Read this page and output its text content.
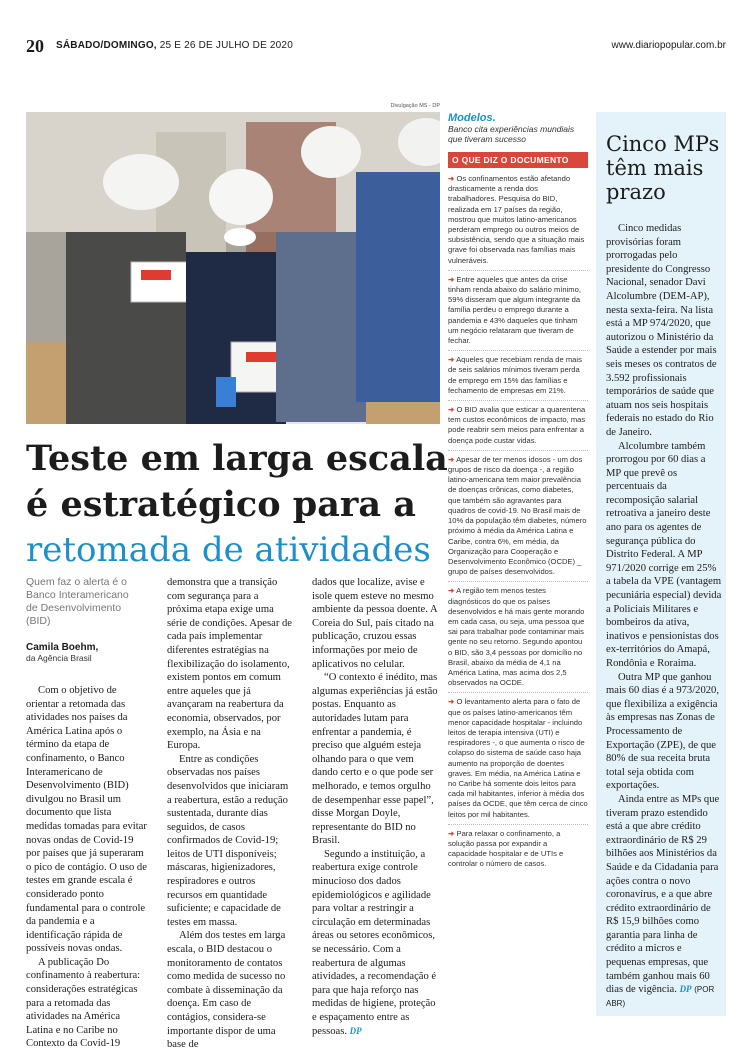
20 SÁBADO/DOMINGO, 25 E 26 DE JULHO DE 2020	www.diariopopular.com.br
Divulgação MS - DP
Teste em larga escala
é estratégico para a
retomada de atividades
Quem faz o alerta é o Banco Interamericano de Desenvolvimento (BID)
Camila Boehm,
da Agência Brasil

Com o objetivo de orientar a retomada das atividades nos países da América Latina após o término da etapa de confinamento, o Banco Interamericano de Desenvolvimento (BID) divulgou no Brasil um documento que lista medidas tomadas para evitar novas ondas de Covid-19 por países que já superaram o pico de contágio. O uso de testes em grande escala é considerado ponto fundamental para o controle da pandemia e a identificação rápida de possíveis novas ondas.

A publicação Do confinamento à reabertura: considerações estratégicas para a retomada das atividades na América Latina e no Caribe no Contexto da Covid-19

demonstra que a transição com segurança para a próxima etapa exige uma série de condições. Apesar de cada país implementar diferentes estratégias na flexibilização do isolamento, existem pontos em comum entre aqueles que já avançaram na reabertura da economia, observados, por exemplo, na Ásia e na Europa.

Entre as condições observadas nos países desenvolvidos que iniciaram a reabertura, estão a redução sustentada, durante dias seguidos, de casos confirmados de Covid-19; leitos de UTI disponíveis; máscaras, higienizadores, respiradores e outros recursos em quantidade suficiente; e capacidade de testes em massa.

Além dos testes em larga escala, o BID destacou o monitoramento de contatos como medida de sucesso no combate à disseminação da doença. Em caso de contágios, considera-se importante dispor de uma base de

dados que localize, avise e isole quem esteve no mesmo ambiente da pessoa doente. A Coreia do Sul, país citado na publicação, cruzou essas informações por meio de aplicativos no celular.

“O contexto é inédito, mas algumas experiências já estão postas. Enquanto as autoridades lutam para enfrentar a pandemia, é preciso que alguém esteja olhando para o que vem dando certo e o que pode ser melhorado, e temos orgulho de desempenhar esse papel”, disse Morgan Doyle, representante do BID no Brasil.

Segundo a instituição, a reabertura exige controle minucioso dos dados epidemiológicos e agilidade para voltar a restringir a circulação em determinadas áreas ou setores econômicos, se necessário. Com a reabertura de algumas atividades, a recomendação é para que haja reforço nas medidas de higiene, proteção e espaçamento entre as pessoas. DP

Modelos.
Banco cita experiências mundiais que tiveram sucesso
O QUE DIZ O DOCUMENTO
➜ Os confinamentos estão afetando drasticamente a renda dos trabalhadores. Pesquisa do BID, realizada em 17 países da região, mostrou que muitos latino-americanos perderam emprego ou outros meios de subsistência, sendo que a situação mais grave foi observada nas famílias mais vulneráveis.
➜ Entre aqueles que antes da crise tinham renda abaixo do salário mínimo, 59% disseram que algum integrante da família perdeu o emprego durante a pandemia e 43% daqueles que tinham um negócio relataram que tiveram de fechar.
➜ Aqueles que recebiam renda de mais de seis salários mínimos tiveram perda de emprego em 15% das famílias e fechamento de empresas em 21%.
➜ O BID avalia que esticar a quarentena tem custos econômicos de impacto, mas pode reabrir sem meios para enfrentar a doença pode custar vidas.
➜ Apesar de ter menos idosos - um dos grupos de risco da doença -, a região latino-americana tem maior prevalência de doenças crônicas, como diabetes, que também são agravantes para quadros de covid-19. No Brasil mais de 10% da população têm diabetes, número próximo à média da América Latina e Caribe, contra 6%, em média, da Organização para Cooperação e Desenvolvimento Econômico (OCDE) _ grupo de países desenvolvidos.
➜ A região tem menos testes diagnósticos do que os países desenvolvidos e há mais gente morando em cada casa, ou seja, uma pessoa que sai para trabalhar pode contaminar mais gente no seu retorno. Segundo apontou o BID, são 3,4 pessoas por domicílio no Brasil, abaixo da média de 4,1 na América Latina, mas acima dos 2,5 observados na OCDE.
➜ O levantamento alerta para o fato de que os países latino-americanos têm menor capacidade hospitalar - incluindo leitos de terapia intensiva (UTI) e respiradores -, o que aumenta o risco de colapso do sistema de saúde caso haja aumento na proporção de doentes graves. Em média, na América Latina e no Caribe há somente dois leitos para cada mil habitantes, inferior à média dos países da OCDE, que têm cerca de cinco leitos por mil habitantes.
➜ Para relaxar o confinamento, a solução passa por expandir a capacidade hospitalar e de UTIs e controlar o número de casos.
Cinco MPs têm mais prazo

Cinco medidas provisórias foram prorrogadas pelo presidente do Congresso Nacional, senador Davi Alcolumbre (DEM-AP), nesta sexta-feira. Na lista está a MP 974/2020, que autorizou o Ministério da Saúde a estender por mais seis meses os contratos de 3.592 profissionais temporários de saúde que atuam nos seis hospitais federais no estado do Rio de Janeiro.

Alcolumbre também prorrogou por 60 dias a MP que prevê os percentuais da recomposição salarial retroativa a janeiro deste ano para os agentes de segurança pública do Distrito Federal. A MP 971/2020 corrige em 25% a tabela da VPE (vantagem pecuniária especial) devida a Policiais Militares e bombeiros da ativa, inativos e pensionistas dos ex-territórios do Amapá, Rondônia e Roraima.

Outra MP que ganhou mais 60 dias é a 973/2020, que flexibiliza a exigência às empresas nas Zonas de Processamento de Exportação (ZPE), de que 80% de sua receita bruta total seja obtida com exportações.

Ainda entre as MPs que tiveram prazo estendido está a que abre crédito extraordinário de R$ 29 bilhões aos Ministérios da Saúde e da Cidadania para ações contra o novo coronavírus, e a que abre crédito extraordinário de R$ 15,9 bilhões como garantia para linha de crédito a micros e pequenas empresas, que também ganhou mais 60 dias de vigência. DP (POR ABR)
